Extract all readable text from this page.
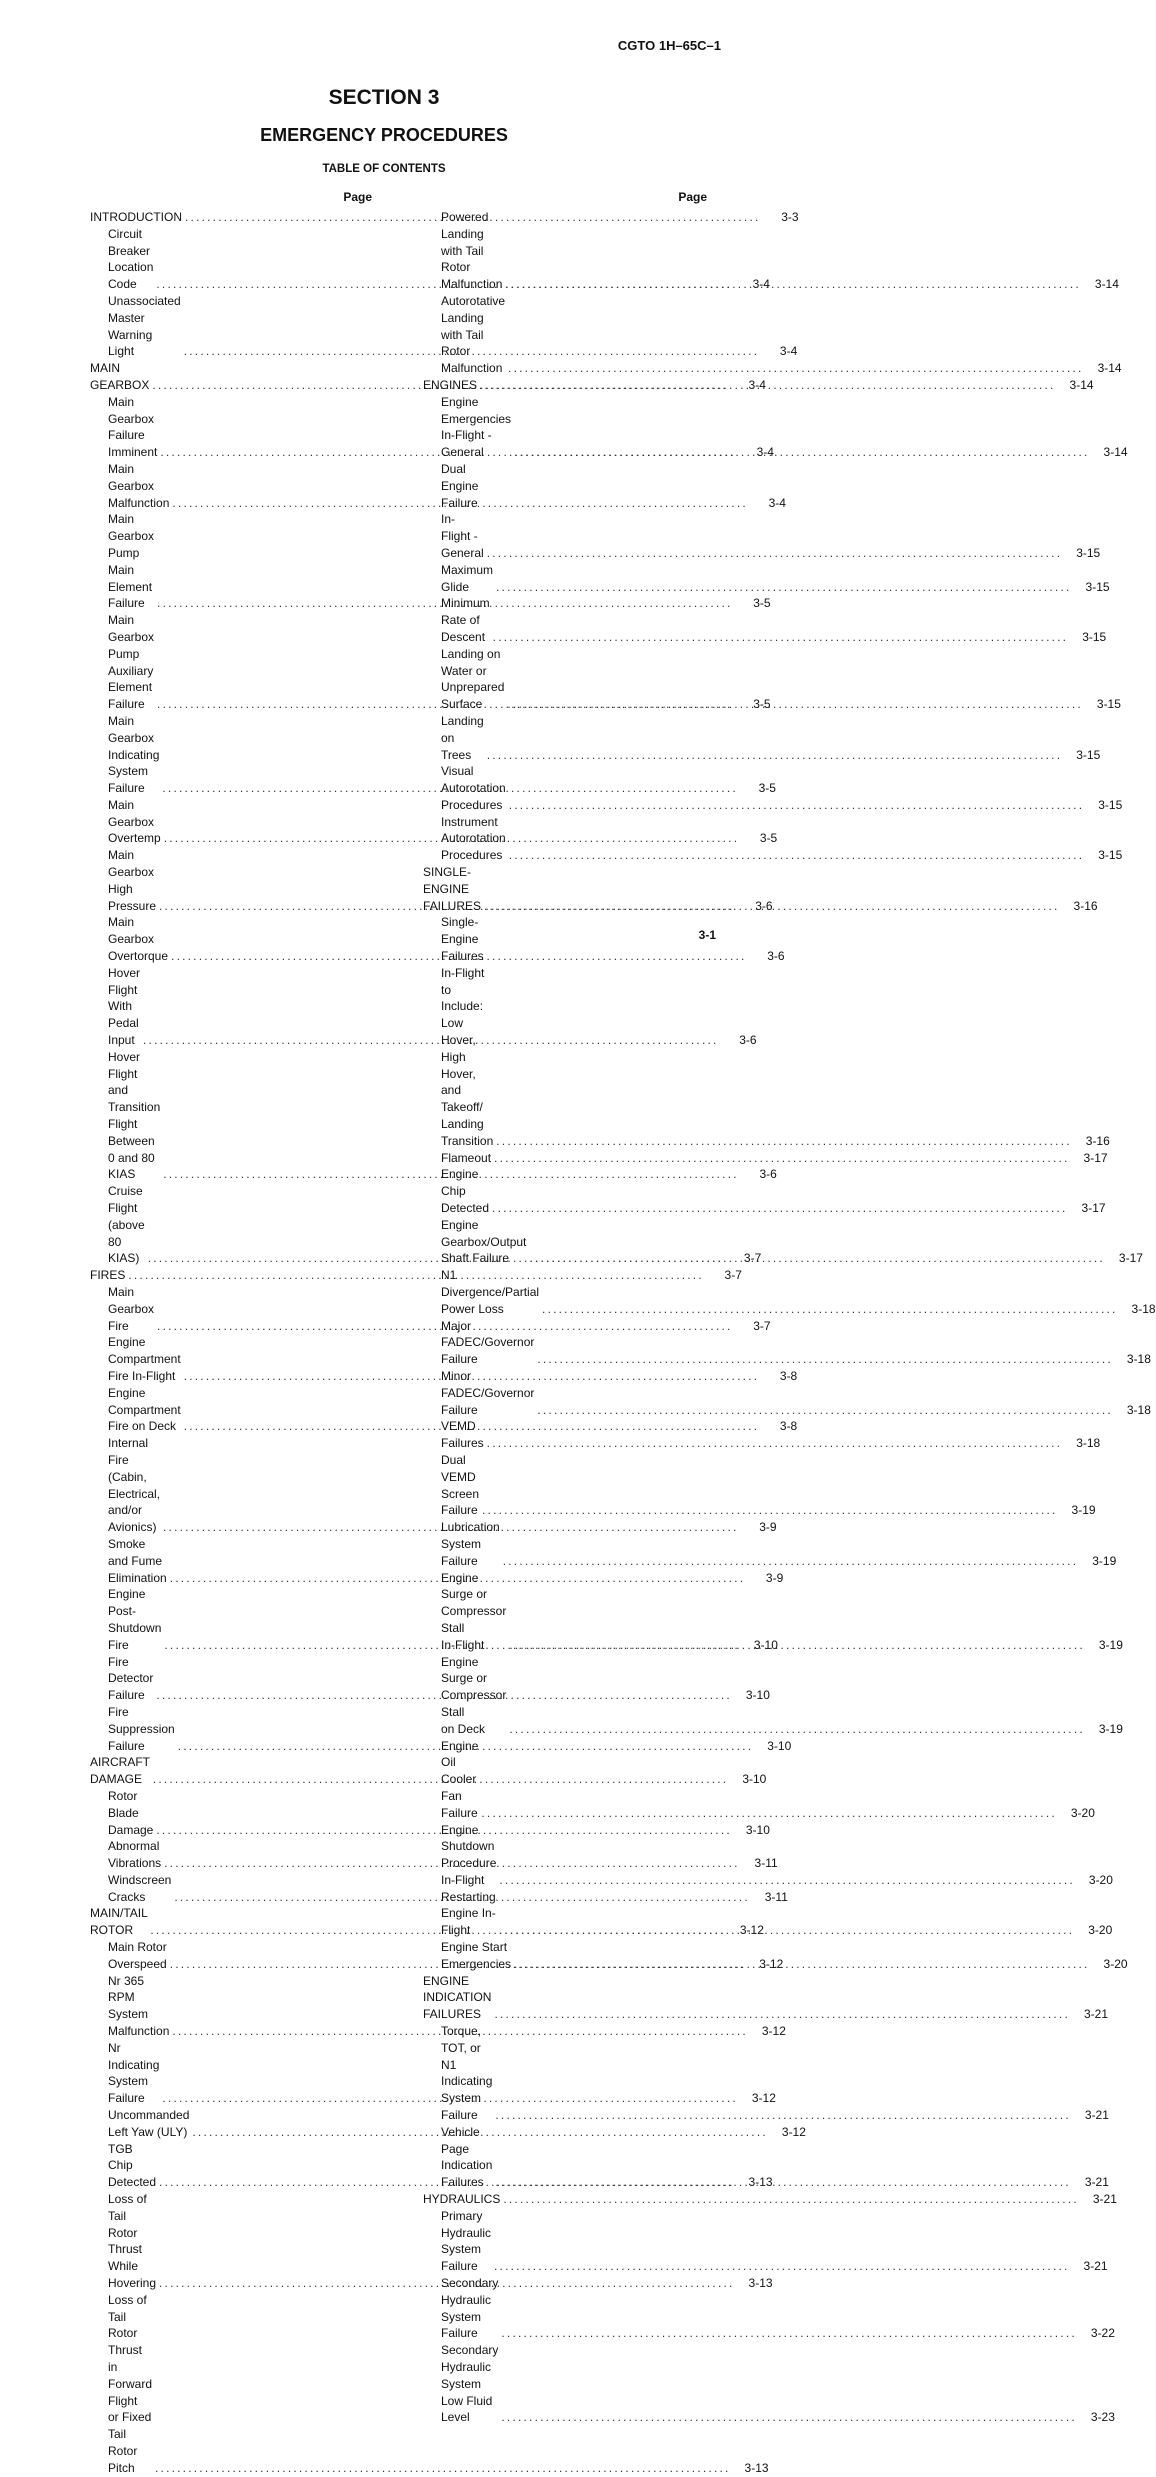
CGTO 1H–65C–1
SECTION 3
EMERGENCY PROCEDURES
TABLE OF CONTENTS
Page
INTRODUCTION .....	3-3
Circuit Breaker Location Code .....	3-4
Unassociated Master Warning Light .....	3-4
MAIN GEARBOX .....	3-4
Main Gearbox Failure Imminent .....	3-4
Main Gearbox Malfunction .....	3-4
Main Gearbox Pump Main Element
Failure .....	3-5
Main Gearbox Pump Auxiliary Element
Failure .....	3-5
Main Gearbox Indicating System Failure .....	3-5
Main Gearbox Overtemp .....	3-5
Main Gearbox High Pressure .....	3-6
Main Gearbox Overtorque .....	3-6
Hover Flight With Pedal Input .....	3-6
Hover Flight and Transition Flight Between
0 and 80 KIAS .....	3-6
Cruise Flight (above 80 KIAS) .....	3-7
FIRES .....	3-7
Main Gearbox Fire .....	3-7
Engine Compartment Fire In-Flight .....	3-8
Engine Compartment Fire on Deck .....	3-8
Internal Fire (Cabin, Electrical, and/or
Avionics) .....	3-9
Smoke and Fume Elimination .....	3-9
Engine Post-Shutdown Fire .....	3-10
Fire Detector Failure .....	3-10
Fire Suppression Failure .....	3-10
AIRCRAFT DAMAGE .....	3-10
Rotor Blade Damage .....	3-10
Abnormal Vibrations .....	3-11
Windscreen Cracks .....	3-11
MAIN/TAIL ROTOR .....	3-12
Main Rotor Overspeed .....	3-12
Nr 365 RPM System Malfunction .....	3-12
Nr Indicating System Failure .....	3-12
Uncommanded Left Yaw (ULY) .....	3-12
TGB Chip Detected .....	3-13
Loss of Tail Rotor Thrust While Hovering .....	3-13
Loss of Tail Rotor Thrust in Forward Flight
or Fixed Tail Rotor Pitch .....	3-13
Page
Powered Landing with Tail Rotor
Malfunction .....	3-14
Autorotative Landing with Tail Rotor
Malfunction .....	3-14
ENGINES .....	3-14
Engine Emergencies In-Flight - General .....	3-14
Dual Engine Failure In-Flight - General .....	3-15
Maximum Glide .....	3-15
Minimum Rate of Descent .....	3-15
Landing on Water or Unprepared Surface .....	3-15
Landing on Trees .....	3-15
Visual Autorotation Procedures .....	3-15
Instrument Autorotation Procedures .....	3-15
SINGLE-ENGINE FAILURES .....	3-16
Single-Engine Failures In-Flight to Include:
Low Hover, High Hover, and Takeoff/
Landing Transition .....	3-16
Flameout .....	3-17
Engine Chip Detected .....	3-17
Engine Gearbox/Output Shaft Failure .....	3-17
N1 Divergence/Partial Power Loss .....	3-18
Major FADEC/Governor Failure .....	3-18
Minor FADEC/Governor Failure .....	3-18
VEMD Failures .....	3-18
Dual VEMD Screen Failure .....	3-19
Lubrication System Failure .....	3-19
Engine Surge or Compressor Stall
In-Flight .....	3-19
Engine Surge or Compressor Stall
on Deck .....	3-19
Engine Oil Cooler Fan Failure .....	3-20
Engine Shutdown Procedure In-Flight .....	3-20
Restarting Engine In-Flight .....	3-20
Engine Start Emergencies .....	3-20
ENGINE INDICATION FAILURES .....	3-21
Torque, TOT, or N1 Indicating System
Failure .....	3-21
Vehicle Page Indication Failures .....	3-21
HYDRAULICS .....	3-21
Primary Hydraulic System Failure .....	3-21
Secondary Hydraulic System Failure .....	3-22
Secondary Hydraulic System Low Fluid
Level .....	3-23
3-1
